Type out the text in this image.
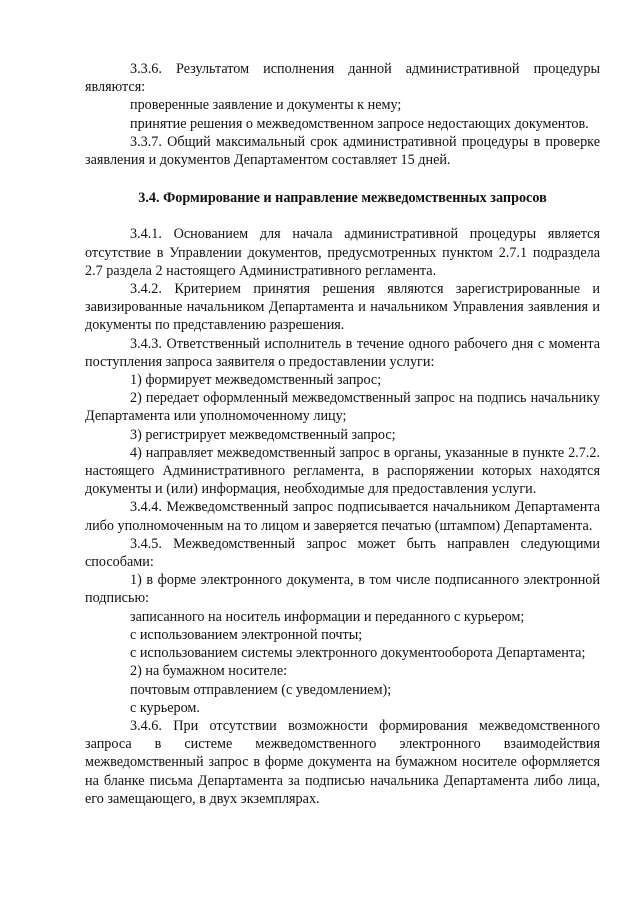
3.3.6. Результатом исполнения данной административной процедуры являются:

проверенные заявление и документы к нему;

принятие решения о межведомственном запросе недостающих документов.

3.3.7. Общий максимальный срок административной процедуры в проверке заявления и документов Департаментом составляет 15 дней.

3.4. Формирование и направление межведомственных запросов

3.4.1. Основанием для начала административной процедуры является отсутствие в Управлении документов, предусмотренных пунктом 2.7.1 подраздела 2.7 раздела 2 настоящего Административного регламента.

3.4.2. Критерием принятия решения являются зарегистрированные и завизированные начальником Департамента и начальником Управления заявления и документы по представлению разрешения.

3.4.3. Ответственный исполнитель в течение одного рабочего дня с момента поступления запроса заявителя о предоставлении услуги:

1) формирует межведомственный запрос;

2) передает оформленный межведомственный запрос на подпись начальнику Департамента или уполномоченному лицу;

3) регистрирует межведомственный запрос;

4) направляет межведомственный запрос в органы, указанные в пункте 2.7.2. настоящего Административного регламента, в распоряжении которых находятся документы и (или) информация, необходимые для предоставления услуги.

3.4.4. Межведомственный запрос подписывается начальником Департамента либо уполномоченным на то лицом и заверяется печатью (штампом) Департамента.

3.4.5. Межведомственный запрос может быть направлен следующими способами:

1) в форме электронного документа, в том числе подписанного электронной подписью:

записанного на носитель информации и переданного с курьером;

с использованием электронной почты;

с использованием системы электронного документооборота Департамента;

2) на бумажном носителе:

почтовым отправлением (с уведомлением);

с курьером.

3.4.6. При отсутствии возможности формирования межведомственного запроса в системе межведомственного электронного взаимодействия межведомственный запрос в форме документа на бумажном носителе оформляется на бланке письма Департамента за подписью начальника Департамента либо лица, его замещающего, в двух экземплярах.
